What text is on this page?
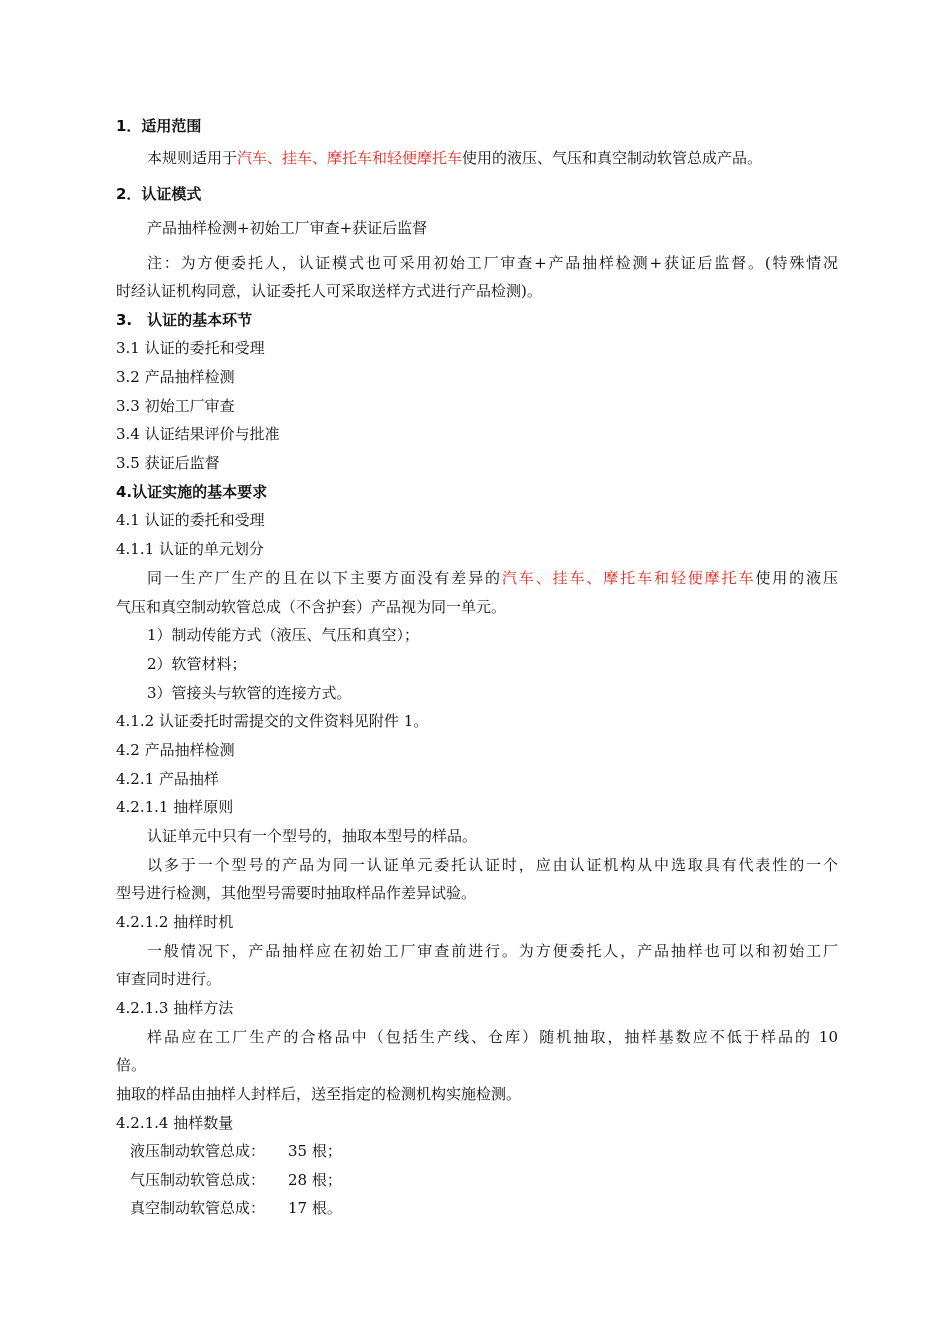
1．适用范围
本规则适用于汽车、挂车、摩托车和轻便摩托车使用的液压、气压和真空制动软管总成产品。
2．认证模式
产品抽样检测+初始工厂审查+获证后监督
注：为方便委托人，认证模式也可采用初始工厂审查+产品抽样检测+获证后监督。(特殊情况
时经认证机构同意，认证委托人可采取送样方式进行产品检测)。
3.　认证的基本环节
3.1 认证的委托和受理
3.2 产品抽样检测
3.3 初始工厂审查
3.4 认证结果评价与批准
3.5 获证后监督
4.认证实施的基本要求
4.1 认证的委托和受理
4.1.1 认证的单元划分
同一生产厂生产的且在以下主要方面没有差异的汽车、挂车、摩托车和轻便摩托车使用的液压
气压和真空制动软管总成（不含护套）产品视为同一单元。
1）制动传能方式（液压、气压和真空）；
2）软管材料；
3）管接头与软管的连接方式。
4.1.2 认证委托时需提交的文件资料见附件 1。
4.2 产品抽样检测
4.2.1 产品抽样
4.2.1.1 抽样原则
认证单元中只有一个型号的，抽取本型号的样品。
以多于一个型号的产品为同一认证单元委托认证时，应由认证机构从中选取具有代表性的一个
型号进行检测，其他型号需要时抽取样品作差异试验。
4.2.1.2 抽样时机
一般情况下，产品抽样应在初始工厂审查前进行。为方便委托人，产品抽样也可以和初始工厂
审查同时进行。
4.2.1.3 抽样方法
样品应在工厂生产的合格品中（包括生产线、仓库）随机抽取，抽样基数应不低于样品的 10
倍。
抽取的样品由抽样人封样后，送至指定的检测机构实施检测。
4.2.1.4 抽样数量
液压制动软管总成： 35 根；
气压制动软管总成： 28 根；
真空制动软管总成： 17 根。
